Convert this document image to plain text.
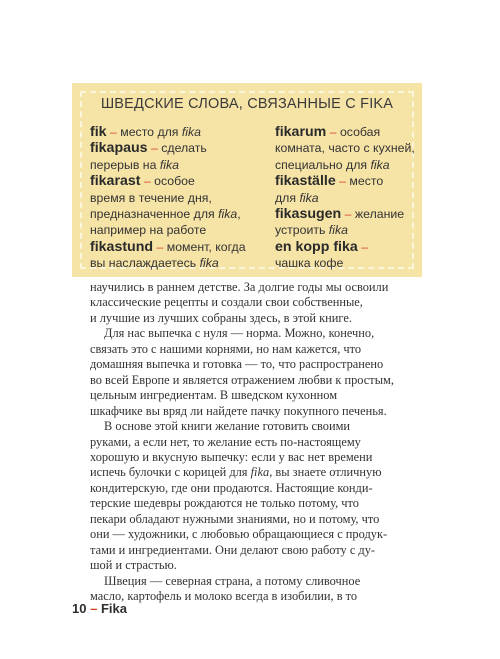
ШВЕДСКИЕ СЛОВА, СВЯЗАННЫЕ С FIKA
fik – место для fika
fikapaus – сделать
перерыв на fika
fikarast – особое
время в течение дня,
предназначенное для fika,
например на работе
fikastund – момент, когда
вы наслаждаетесь fika
fikarum – особая
комната, часто с кухней,
специально для fika
fikaställe – место
для fika
fikasugen – желание
устроить fika
en kopp fika –
чашка кофе
научились в раннем детстве. За долгие годы мы освоили
классические рецепты и создали свои собственные,
и лучшие из лучших собраны здесь, в этой книге.
Для нас выпечка с нуля — норма. Можно, конечно,
связать это с нашими корнями, но нам кажется, что
домашняя выпечка и готовка — то, что распространено
во всей Европе и является отражением любви к простым,
цельным ингредиентам. В шведском кухонном
шкафчике вы вряд ли найдете пачку покупного печенья.
В основе этой книги желание готовить своими
руками, а если нет, то желание есть по-настоящему
хорошую и вкусную выпечку: если у вас нет времени
испечь булочки с корицей для fika, вы знаете отличную
кондитерскую, где они продаются. Настоящие конди-
терские шедевры рождаются не только потому, что
пекари обладают нужными знаниями, но и потому, что
они — художники, с любовью обращающиеся с продук-
тами и ингредиентами. Они делают свою работу с ду-
шой и страстью.
Швеция — северная страна, а потому сливочное
масло, картофель и молоко всегда в изобилии, в то
10 – Fika
